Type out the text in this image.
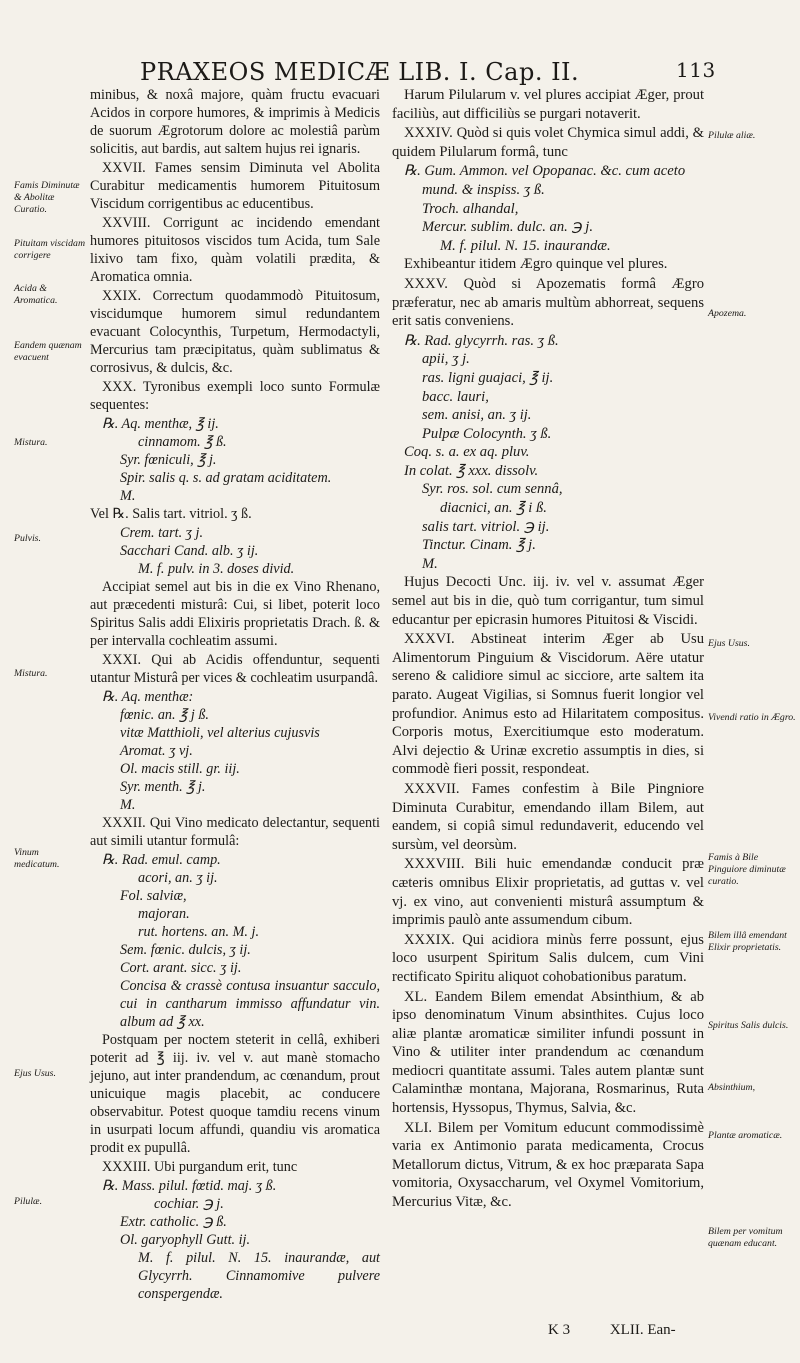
PRAXEOS MEDICÆ LIB. I. Cap. II.	113

minibus, & noxâ majore, quàm fructu evacuari Acidos in corpore humores, & imprimis à Medicis de suorum Ægrotorum dolore ac molestiâ parùm solicitis, aut bardis, aut saltem hujus rei ignaris.

XXVII. Fames sensim Diminuta vel Abolita Curabitur medicamentis humorem Pituitosum Viscidum corrigentibus ac educentibus.

XXVIII. Corrigunt ac incidendo emendant humores pituitosos viscidos tum Acida, tum Sale lixivo tam fixo, quàm volatili prædita, & Aromatica omnia.

XXIX. Correctum quodammodò Pituitosum, viscidumque humorem simul redundantem evacuant Colocynthis, Turpetum, Hermodactyli, Mercurius tam præcipitatus, quàm sublimatus & corrosivus, & dulcis, &c.

XXX. Tyronibus exempli loco sunto Formulæ sequentes:

℞. Aq. menthæ, ℥ ij.
cinnamom. ℥ ß.
Syr. fœniculi, ℥ j.
Spir. salis q. s. ad gratam aciditatem.
M.

Vel ℞. Salis tart. vitriol. ʒ ß.

Crem. tart. ʒ j.
Sacchari Cand. alb. ʒ ij.
M. f. pulv. in 3. doses divid.

Accipiat semel aut bis in die ex Vino Rhenano, aut præcedenti misturâ: Cui, si libet, poterit loco Spiritus Salis addi Elixiris proprietatis Drach. ß. & per intervalla cochleatim assumi.

XXXI. Qui ab Acidis offenduntur, sequenti utantur Misturâ per vices & cochleatim usurpandâ.

℞. Aq. menthæ:
fœnic. an. ℥ j ß.
vitæ Matthioli, vel alterius cujusvis
Aromat. ʒ vj.
Ol. macis still. gr. iij.
Syr. menth. ℥ j.
M.

XXXII. Qui Vino medicato delectantur, sequenti aut simili utantur formulâ:

℞. Rad. emul. camp.
acori, an. ʒ ij.
Fol. salviæ,
majoran.
rut. hortens. an. M. j.
Sem. fœnic. dulcis, ʒ ij.
Cort. arant. sicc. ʒ ij.
Concisa & crassè contusa insuantur sacculo, cui in cantharum immisso affundatur vin. album ad ℥ xx.

Postquam per noctem steterit in cellâ, exhiberi poterit ad ℥ iij. iv. vel v. aut manè stomacho jejuno, aut inter prandendum, ac cœnandum, prout unicuique magis placebit, ac conducere observabitur. Potest quoque tamdiu recens vinum in usurpati locum affundi, quandiu vis aromatica prodit ex pupullâ.

XXXIII. Ubi purgandum erit, tunc

℞. Mass. pilul. fœtid. maj. ʒ ß.
cochiar. ℈ j.
Extr. catholic. ℈ ß.
Ol. garyophyll Gutt. ij.
M. f. pilul. N. 15. inaurandæ, aut Glycyrrh. Cinnamomive pulvere conspergendæ.

Harum Pilularum v. vel plures accipiat Æger, prout faciliùs, aut difficiliùs se purgari notaverit.

XXXIV. Quòd si quis volet Chymica simul addi, & quidem Pilularum formâ, tunc

℞. Gum. Ammon. vel Opopanac. &c. cum aceto
mund. & inspiss. ʒ ß.
Troch. alhandal,
Mercur. sublim. dulc. an. ℈ j.
M. f. pilul. N. 15. inaurandæ.

Exhibeantur itidem Ægro quinque vel plures.

XXXV. Quòd si Apozematis formâ Ægro præferatur, nec ab amaris multùm abhorreat, sequens erit satis conveniens.

℞. Rad. glycyrrh. ras. ʒ ß.
apii, ʒ j.
ras. ligni guajaci, ℥ ij.
bacc. lauri,
sem. anisi, an. ʒ ij.
Pulpæ Colocynth. ʒ ß.
Coq. s. a. ex aq. pluv.
In colat. ℥ xxx. dissolv.
Syr. ros. sol. cum sennâ,
diacnici, an. ℥ i ß.
salis tart. vitriol. ℈ ij.
Tinctur. Cinam. ℥ j.
M.

Hujus Decocti Unc. iij. iv. vel v. assumat Æger semel aut bis in die, quò tum corrigantur, tum simul educantur per epicrasin humores Pituitosi & Viscidi.

XXXVI. Abstineat interim Æger ab Usu Alimentorum Pinguium & Viscidorum. Aëre utatur sereno & calidiore simul ac sicciore, arte saltem ita parato. Augeat Vigilias, si Somnus fuerit longior vel profundior. Animus esto ad Hilaritatem compositus. Corporis motus, Exercitiumque esto moderatum. Alvi dejectio & Urinæ excretio assumptis in dies, si commodè fieri possit, respondeat.

XXXVII. Fames confestim à Bile Pingniore Diminuta Curabitur, emendando illam Bilem, aut eandem, si copiâ simul redundaverit, educendo vel sursùm, vel deorsùm.

XXXVIII. Bili huic emendandæ conducit præ cæteris omnibus Elixir proprietatis, ad guttas v. vel vj. ex vino, aut convenienti misturâ assumptum & imprimis paulò ante assumendum cibum.

XXXIX. Qui acidiora minùs ferre possunt, ejus loco usurpent Spiritum Salis dulcem, cum Vini rectificato Spiritu aliquot cohobationibus paratum.

XL. Eandem Bilem emendat Absinthium, & ab ipso denominatum Vinum absinthites. Cujus loco aliæ plantæ aromaticæ similiter infundi possunt in Vino & utiliter inter prandendum ac cœnandum mediocri quantitate assumi. Tales autem plantæ sunt Calaminthæ montana, Majorana, Rosmarinus, Ruta hortensis, Hyssopus, Thymus, Salvia, &c.

XLI. Bilem per Vomitum educunt commodissimè varia ex Antimonio parata medicamenta, Crocus Metallorum dictus, Vitrum, & ex hoc præparata Sapa vomitoria, Oxysaccharum, vel Oxymel Vomitorium, Mercurius Vitæ, &c.

Famis Diminutæ & Abolitæ Curatio.
Pituitam viscidam corrigere
Acida & Aromatica.
Eandem quænam evacuent
Mistura.
Pulvis.
Mistura.
Vinum medicatum.
Ejus Usus.
Pilulæ.
Pilulæ aliæ.
Apozema.
Ejus Usus.
Vivendi ratio in Ægro.
Famis à Bile Pinguiore diminutæ curatio.
Bilem illâ emendant Elixir proprietatis.
Spiritus Salis dulcis.
Absinthium,
Plantæ aromaticæ.
Bilem per vomitum quænam educant.
K 3	XLII. Ean-
